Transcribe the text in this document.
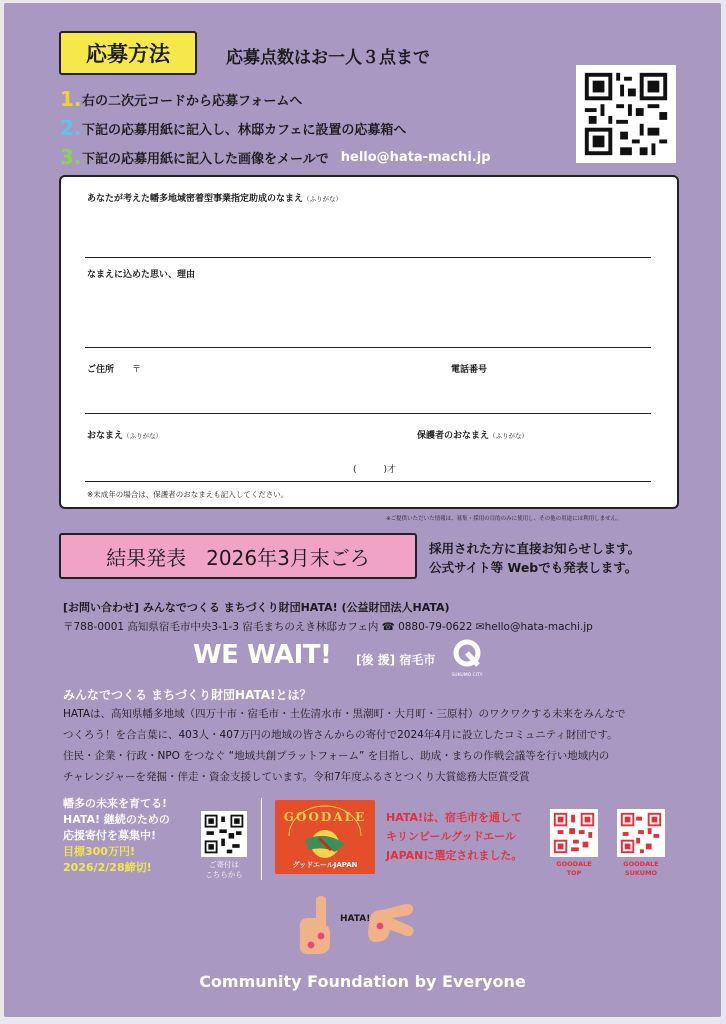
応募方法	応募点数はお一人３点まで
1. 右の二次元コードから応募フォームへ
2. 下記の応募用紙に記入し、林邸カフェに設置の応募箱へ
3. 下記の応募用紙に記入した画像をメールで hello@hata-machi.jp
あなたが考えた幡多地域密着型事業指定助成のなまえ（ふりがな）
なまえに込めた思い、理由
ご住所 〒	電話番号
おなまえ（ふりがな）	保護者のおなまえ（ふりがな）
(　　　)才
※未成年の場合は、保護者のおなまえも記入してください。
※ご提供いただいた情報は、募集・採用の目的のみに使用し、その他の用途には利用しません。
結果発表　2026年3月末ごろ	採用された方に直接お知らせします。
公式サイト等 Webでも発表します。
[お問い合わせ] みんなでつくる まちづくり財団HATA! (公益財団法人HATA)
〒788-0001 高知県宿毛市中央3-1-3 宿毛まちのえき林邸カフェ内 ☎ 0880-79-0622 ✉hello@hata-machi.jp
WE WAIT! [後 援] 宿毛市
SUKUMO CITY
みんなでつくる まちづくり財団HATA!とは？
HATAは、高知県幡多地域（四万十市・宿毛市・土佐清水市・黒潮町・大月町・三原村）のワクワクする未来をみんなで
つくろう！を合言葉に、403人・407万円の地域の皆さんからの寄付で2024年4月に設立したコミュニティ財団です。
住民・企業・行政・NPO をつなぐ “地域共創プラットフォーム” を目指し、助成・まちの作戦会議等を行い地域内の
チャレンジャーを発掘・伴走・資金支援しています。令和7年度ふるさとつくり大賞総務大臣賞受賞
幡多の未来を育てる!
HATA! 継続のための
応援寄付を募集中!
目標300万円!
2026/2/28締切!	ご寄付は
こちらから
GOODALE
グッドエールJAPAN
HATA!は、宿毛市を通して
キリンビールグッドエール
JAPANに選定されました。
GOODALE
TOP
GOODALE
SUKUMO
HATA!
Community Foundation by Everyone
